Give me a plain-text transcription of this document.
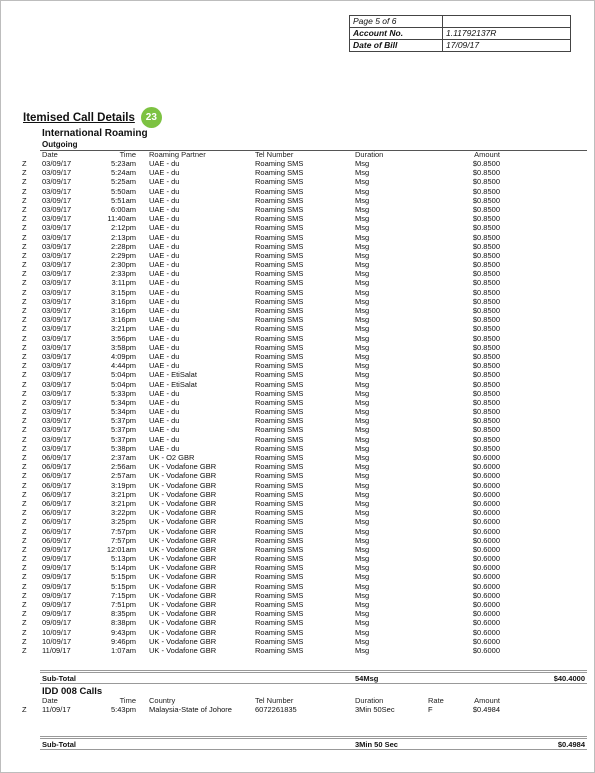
Page 5 of 6	
Account No.	1.11792137R
Date of Bill	17/09/17
Itemised Call Details	23
International Roaming
Outgoing
Date	Time Roaming Partner	Tel Number	Duration	Amount
Z 03/09/17	5:23am UAE - du	Roaming SMS	Msg	$0.8500
Z 03/09/17	5:24am UAE - du	Roaming SMS	Msg	$0.8500
Z 03/09/17	5:25am UAE - du	Roaming SMS	Msg	$0.8500
Z 03/09/17	5:50am UAE - du	Roaming SMS	Msg	$0.8500
Z 03/09/17	5:51am UAE - du	Roaming SMS	Msg	$0.8500
Z 03/09/17	6:00am UAE - du	Roaming SMS	Msg	$0.8500
Z 03/09/17	11:40am UAE - du	Roaming SMS	Msg	$0.8500
Z 03/09/17	2:12pm UAE - du	Roaming SMS	Msg	$0.8500
Z 03/09/17	2:13pm UAE - du	Roaming SMS	Msg	$0.8500
Z 03/09/17	2:28pm UAE - du	Roaming SMS	Msg	$0.8500
Z 03/09/17	2:29pm UAE - du	Roaming SMS	Msg	$0.8500
Z 03/09/17	2:30pm UAE - du	Roaming SMS	Msg	$0.8500
Z 03/09/17	2:33pm UAE - du	Roaming SMS	Msg	$0.8500
Z 03/09/17	3:11pm UAE - du	Roaming SMS	Msg	$0.8500
Z 03/09/17	3:15pm UAE - du	Roaming SMS	Msg	$0.8500
Z 03/09/17	3:16pm UAE - du	Roaming SMS	Msg	$0.8500
Z 03/09/17	3:16pm UAE - du	Roaming SMS	Msg	$0.8500
Z 03/09/17	3:16pm UAE - du	Roaming SMS	Msg	$0.8500
Z 03/09/17	3:21pm UAE - du	Roaming SMS	Msg	$0.8500
Z 03/09/17	3:56pm UAE - du	Roaming SMS	Msg	$0.8500
Z 03/09/17	3:58pm UAE - du	Roaming SMS	Msg	$0.8500
Z 03/09/17	4:09pm UAE - du	Roaming SMS	Msg	$0.8500
Z 03/09/17	4:44pm UAE - du	Roaming SMS	Msg	$0.8500
Z 03/09/17	5:04pm UAE - EtiSalat	Roaming SMS	Msg	$0.8500
Z 03/09/17	5:04pm UAE - EtiSalat	Roaming SMS	Msg	$0.8500
Z 03/09/17	5:33pm UAE - du	Roaming SMS	Msg	$0.8500
Z 03/09/17	5:34pm UAE - du	Roaming SMS	Msg	$0.8500
Z 03/09/17	5:34pm UAE - du	Roaming SMS	Msg	$0.8500
Z 03/09/17	5:37pm UAE - du	Roaming SMS	Msg	$0.8500
Z 03/09/17	5:37pm UAE - du	Roaming SMS	Msg	$0.8500
Z 03/09/17	5:37pm UAE - du	Roaming SMS	Msg	$0.8500
Z 03/09/17	5:38pm UAE - du	Roaming SMS	Msg	$0.8500
Z 06/09/17	2:37am UK - O2 GBR	Roaming SMS	Msg	$0.6000
Z 06/09/17	2:56am UK - Vodafone GBR	Roaming SMS	Msg	$0.6000
Z 06/09/17	2:57am UK - Vodafone GBR	Roaming SMS	Msg	$0.6000
Z 06/09/17	3:19pm UK - Vodafone GBR	Roaming SMS	Msg	$0.6000
Z 06/09/17	3:21pm UK - Vodafone GBR	Roaming SMS	Msg	$0.6000
Z 06/09/17	3:21pm UK - Vodafone GBR	Roaming SMS	Msg	$0.6000
Z 06/09/17	3:22pm UK - Vodafone GBR	Roaming SMS	Msg	$0.6000
Z 06/09/17	3:25pm UK - Vodafone GBR	Roaming SMS	Msg	$0.6000
Z 06/09/17	7:57pm UK - Vodafone GBR	Roaming SMS	Msg	$0.6000
Z 06/09/17	7:57pm UK - Vodafone GBR	Roaming SMS	Msg	$0.6000
Z 09/09/17	12:01am UK - Vodafone GBR	Roaming SMS	Msg	$0.6000
Z 09/09/17	5:13pm UK - Vodafone GBR	Roaming SMS	Msg	$0.6000
Z 09/09/17	5:14pm UK - Vodafone GBR	Roaming SMS	Msg	$0.6000
Z 09/09/17	5:15pm UK - Vodafone GBR	Roaming SMS	Msg	$0.6000
Z 09/09/17	5:15pm UK - Vodafone GBR	Roaming SMS	Msg	$0.6000
Z 09/09/17	7:15pm UK - Vodafone GBR	Roaming SMS	Msg	$0.6000
Z 09/09/17	7:51pm UK - Vodafone GBR	Roaming SMS	Msg	$0.6000
Z 09/09/17	8:35pm UK - Vodafone GBR	Roaming SMS	Msg	$0.6000
Z 09/09/17	8:38pm UK - Vodafone GBR	Roaming SMS	Msg	$0.6000
Z 10/09/17	9:43pm UK - Vodafone GBR	Roaming SMS	Msg	$0.6000
Z 10/09/17	9:46pm UK - Vodafone GBR	Roaming SMS	Msg	$0.6000
Z 11/09/17	1:07am UK - Vodafone GBR	Roaming SMS	Msg	$0.6000
Sub-Total	54Msg	$40.4000
IDD 008 Calls
Date	Time Country	Tel Number	Duration	Rate	Amount
Z 11/09/17	5:43pm Malaysia-State of Johore	6072261835	3Min 50Sec	F	$0.4984
Sub-Total	3Min 50 Sec	$0.4984
